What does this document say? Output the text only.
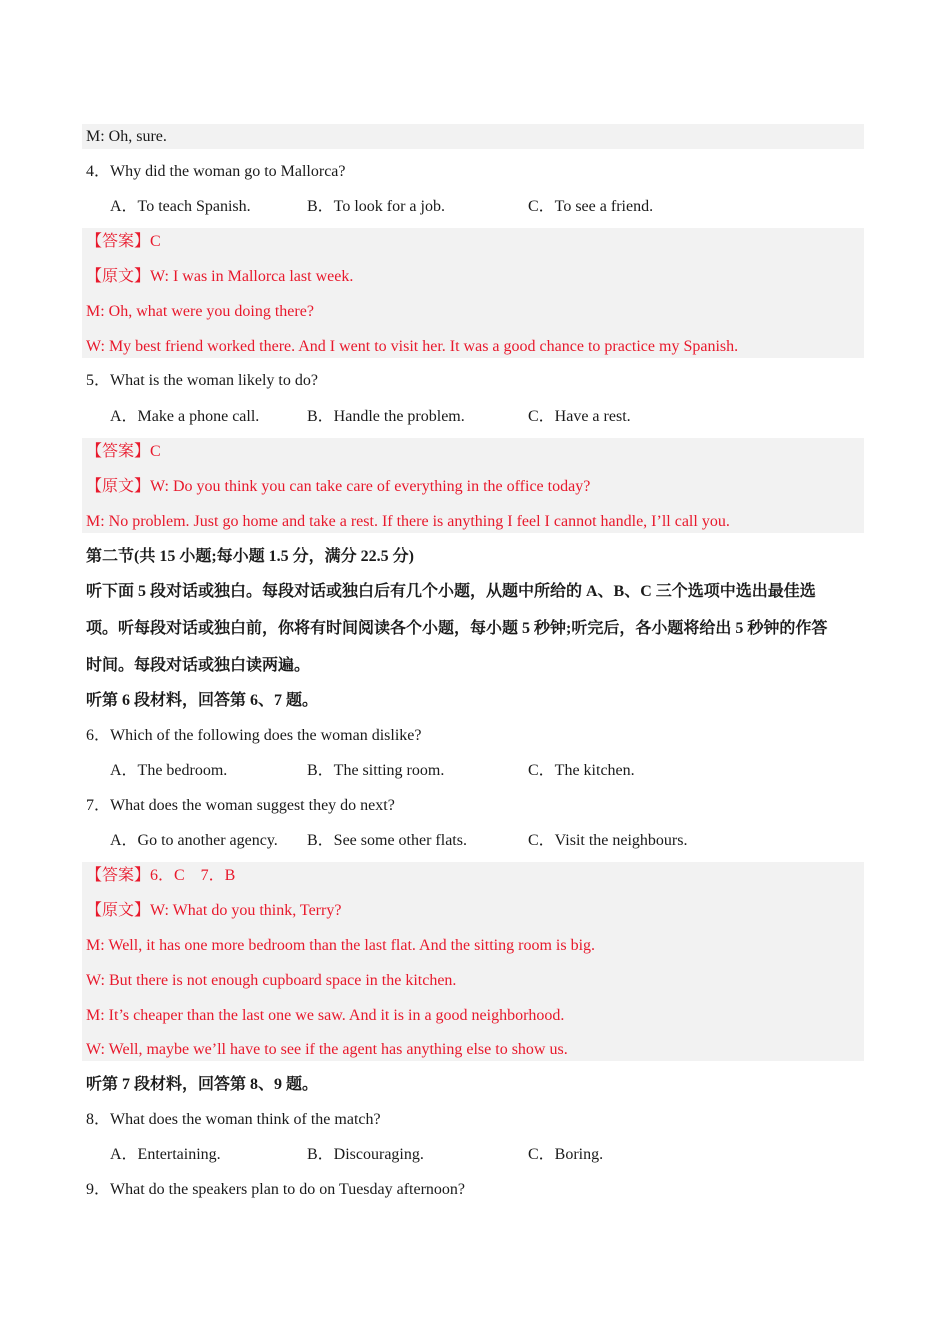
M: Oh, sure.
4．Why did the woman go to Mallorca?
A．To teach Spanish.	B．To look for a job.	C．To see a friend.
【答案】C
【原文】W: I was in Mallorca last week.
M: Oh, what were you doing there?
W: My best friend worked there. And I went to visit her. It was a good chance to practice my Spanish.
5．What is the woman likely to do?
A．Make a phone call.	B．Handle the problem.	C．Have a rest.
【答案】C
【原文】W: Do you think you can take care of everything in the office today?
M: No problem. Just go home and take a rest. If there is anything I feel I cannot handle, I’ll call you.
第二节(共 15 小题;每小题 1.5 分，满分 22.5 分)
听下面 5 段对话或独白。每段对话或独白后有几个小题，从题中所给的 A、B、C 三个选项中选出最佳选
项。听每段对话或独白前，你将有时间阅读各个小题，每小题 5 秒钟;听完后，各小题将给出 5 秒钟的作答
时间。每段对话或独白读两遍。
听第 6 段材料，回答第 6、7 题。
6．Which of the following does the woman dislike?
A．The bedroom.	B．The sitting room.	C．The kitchen.
7．What does the woman suggest they do next?
A．Go to another agency. B．See some other flats.	C．Visit the neighbours.
【答案】6．C　7．B
【原文】W: What do you think, Terry?
M: Well, it has one more bedroom than the last flat. And the sitting room is big.
W: But there is not enough cupboard space in the kitchen.
M: It’s cheaper than the last one we saw. And it is in a good neighborhood.
W: Well, maybe we’ll have to see if the agent has anything else to show us.
听第 7 段材料，回答第 8、9 题。
8．What does the woman think of the match?
A．Entertaining.	B．Discouraging.	C．Boring.
9．What do the speakers plan to do on Tuesday afternoon?
